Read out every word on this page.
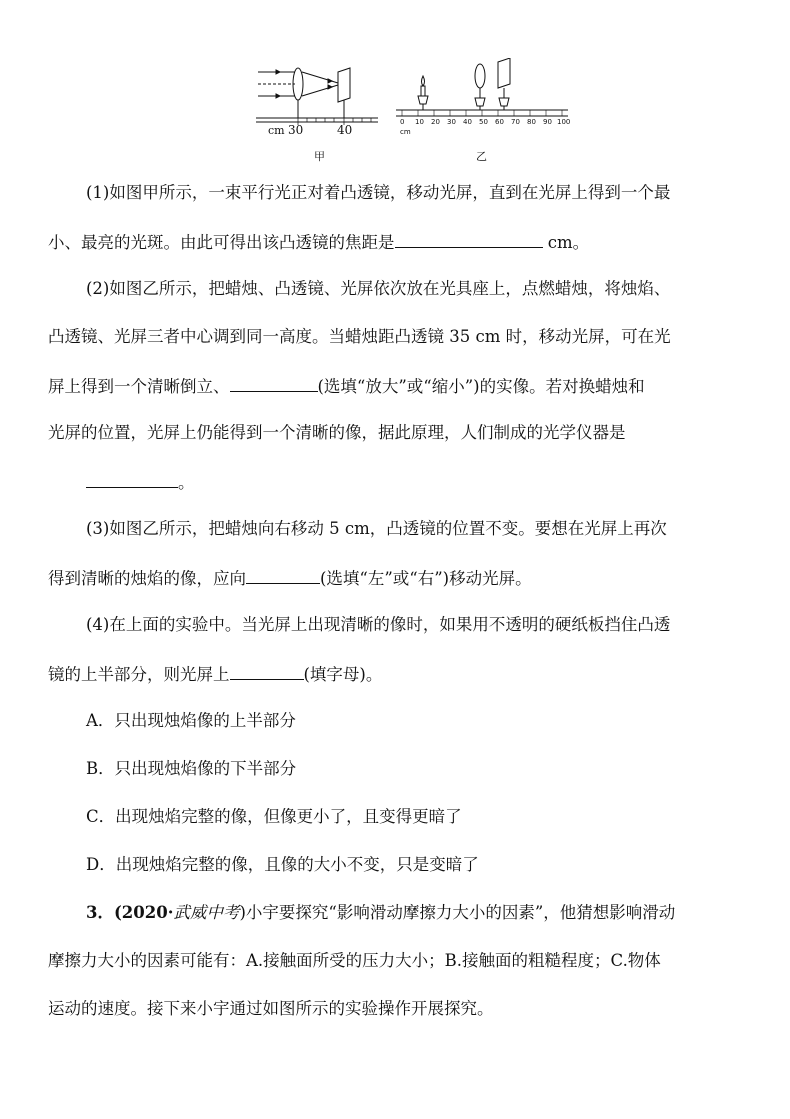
cm 30	40
甲
0 10 20 30 40 50 60 70 80 90 100
cm
乙
(1)如图甲所示，一束平行光正对着凸透镜，移动光屏，直到在光屏上得到一个最
小、最亮的光斑。由此可得出该凸透镜的焦距是	cm。
(2)如图乙所示，把蜡烛、凸透镜、光屏依次放在光具座上，点燃蜡烛，将烛焰、
凸透镜、光屏三者中心调到同一高度。当蜡烛距凸透镜 35 cm 时，移动光屏，可在光
屏上得到一个清晰倒立、	(选填“放大”或“缩小”)的实像。若对换蜡烛和
光屏的位置，光屏上仍能得到一个清晰的像，据此原理，人们制成的光学仪器是
。
(3)如图乙所示，把蜡烛向右移动 5 cm，凸透镜的位置不变。要想在光屏上再次
得到清晰的烛焰的像，应向	(选填“左”或“右”)移动光屏。
(4)在上面的实验中。当光屏上出现清晰的像时，如果用不透明的硬纸板挡住凸透
镜的上半部分，则光屏上	(填字母)。
A．只出现烛焰像的上半部分
B．只出现烛焰像的下半部分
C．出现烛焰完整的像，但像更小了，且变得更暗了
D．出现烛焰完整的像，且像的大小不变，只是变暗了
3．(2020·武威中考)小宇要探究“影响滑动摩擦力大小的因素”，他猜想影响滑动
摩擦力大小的因素可能有：A.接触面所受的压力大小；B.接触面的粗糙程度；C.物体
运动的速度。接下来小宇通过如图所示的实验操作开展探究。
